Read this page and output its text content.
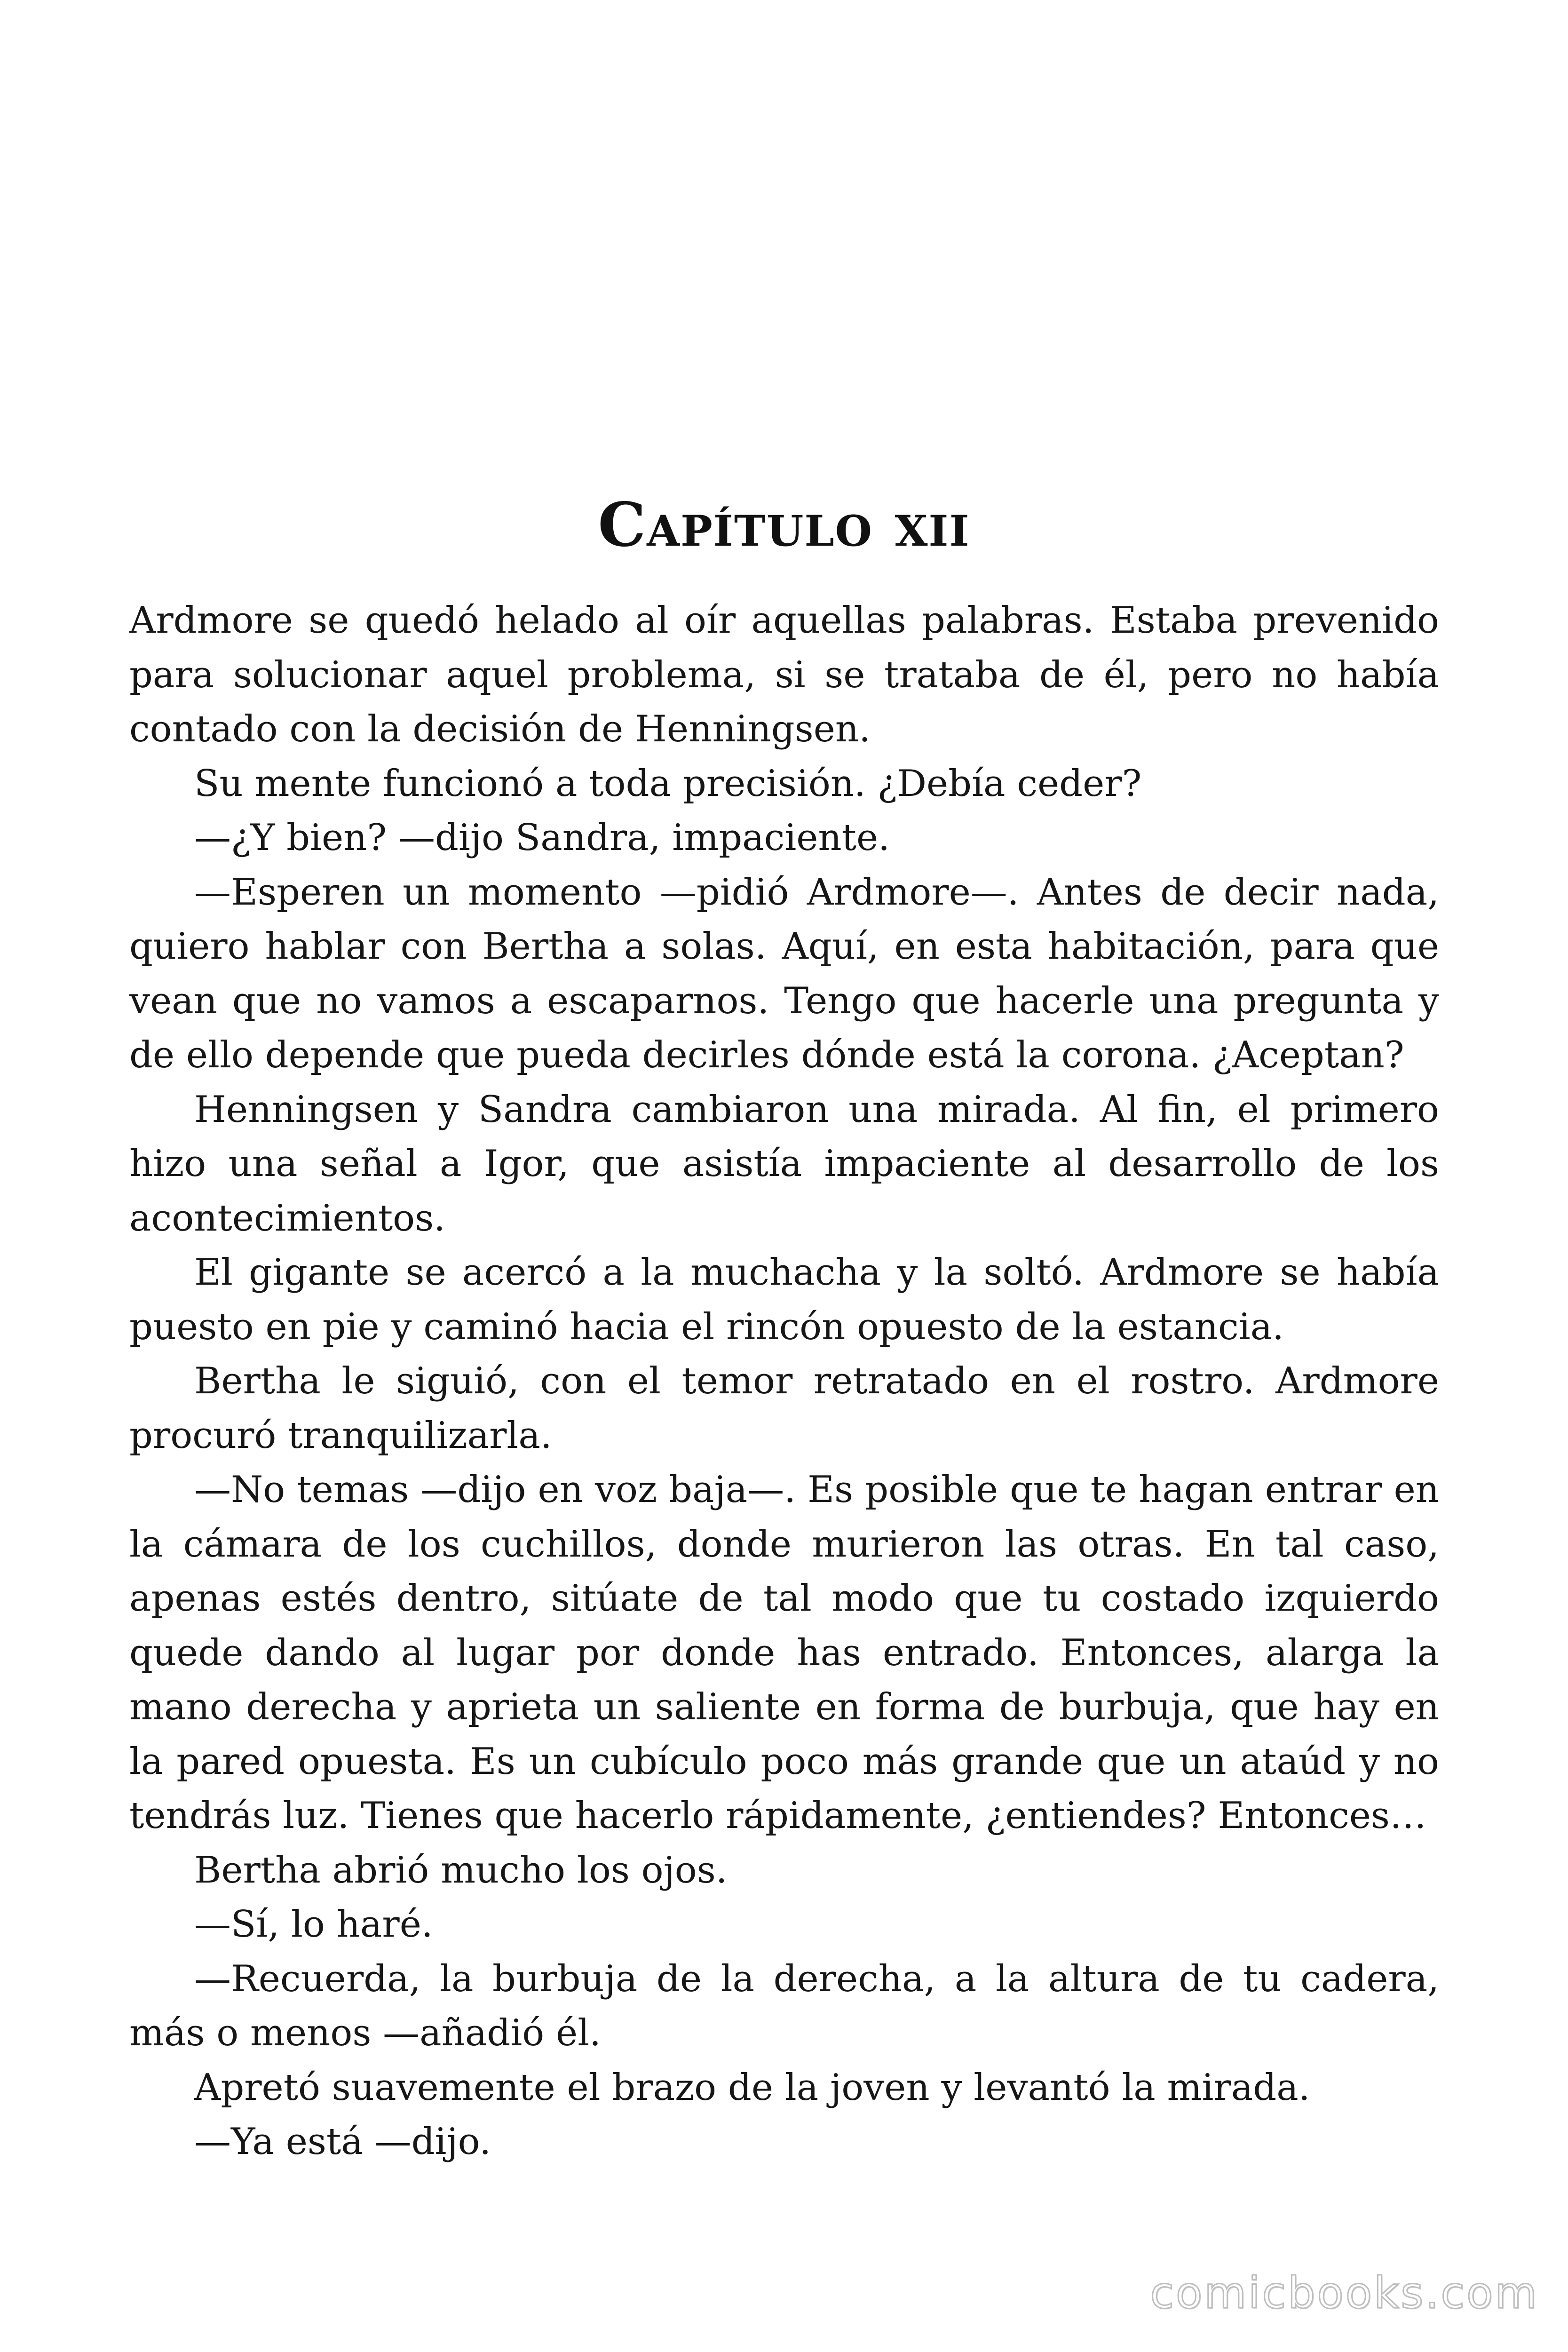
Capítulo xii

Ardmore se quedó helado al oír aquellas palabras. Estaba prevenido para solucionar aquel problema, si se trataba de él, pero no había contado con la decisión de Henningsen.

Su mente funcionó a toda precisión. ¿Debía ceder?

—¿Y bien? —dijo Sandra, impaciente.

—Esperen un momento —pidió Ardmore—. Antes de decir nada, quiero hablar con Bertha a solas. Aquí, en esta habitación, para que vean que no vamos a escaparnos. Tengo que hacerle una pregunta y de ello depende que pueda decirles dónde está la corona. ¿Aceptan?

Henningsen y Sandra cambiaron una mirada. Al fin, el primero hizo una señal a Igor, que asistía impaciente al desarrollo de los acontecimientos.

El gigante se acercó a la muchacha y la soltó. Ardmore se había puesto en pie y caminó hacia el rincón opuesto de la estancia.

Bertha le siguió, con el temor retratado en el rostro. Ardmore procuró tranquilizarla.

—No temas —dijo en voz baja—. Es posible que te hagan entrar en la cámara de los cuchillos, donde murieron las otras. En tal caso, apenas estés dentro, sitúate de tal modo que tu costado izquierdo quede dando al lugar por donde has entrado. Entonces, alarga la mano derecha y aprieta un saliente en forma de burbuja, que hay en la pared opuesta. Es un cubículo poco más grande que un ataúd y no tendrás luz. Tienes que hacerlo rápidamente, ¿entiendes? Entonces…

Bertha abrió mucho los ojos.

—Sí, lo haré.

—Recuerda, la burbuja de la derecha, a la altura de tu cadera, más o menos —añadió él.

Apretó suavemente el brazo de la joven y levantó la mirada.

—Ya está —dijo.

comicbooks.com
